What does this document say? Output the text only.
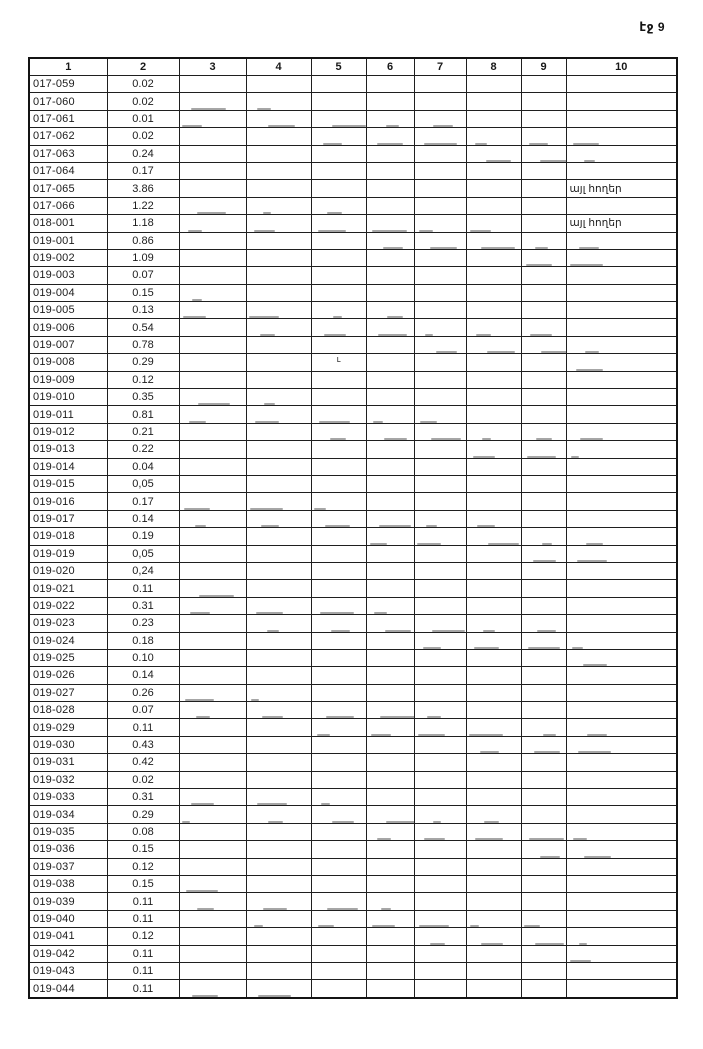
էջ 9
1	2	3	4	5	6	7	8	9	10
017-059	0.02								
017-060	0.02	

017-061	0.01	

017-062	0.02			

017-063	0.24						

017-064	0.17								
017-065	3.86								այլ հողեր
017-066	1.22	

018-001	1.18								այլ հողեր
019-001	0.86				

019-002	1.09							

019-003	0.07								
019-004	0.15	

019-005	0.13	

019-006	0.54		

019-007	0.78					

019-008	0.29			ւ					

019-009	0.12								
019-010	0.35	

019-011	0.81	

019-012	0.21			

019-013	0.22						

019-014	0.04								
019-015	0,05								
019-016	0.17	

019-017	0.14	

019-018	0.19				

019-019	0,05							

019-020	0,24								
019-021	0.11	

019-022	0.31	

019-023	0.23		

019-024	0.18					

019-025	0.10								

019-026	0.14								
019-027	0.26	

018-028	0.07	

019-029	0.11			

019-030	0.43						

019-031	0.42								
019-032	0.02								
019-033	0.31	

019-034	0.29	

019-035	0.08				

019-036	0.15							

019-037	0.12								
019-038	0.15	

019-039	0.11	

019-040	0.11		

019-041	0.12					

019-042	0.11								

019-043	0.11								
019-044	0.11	
